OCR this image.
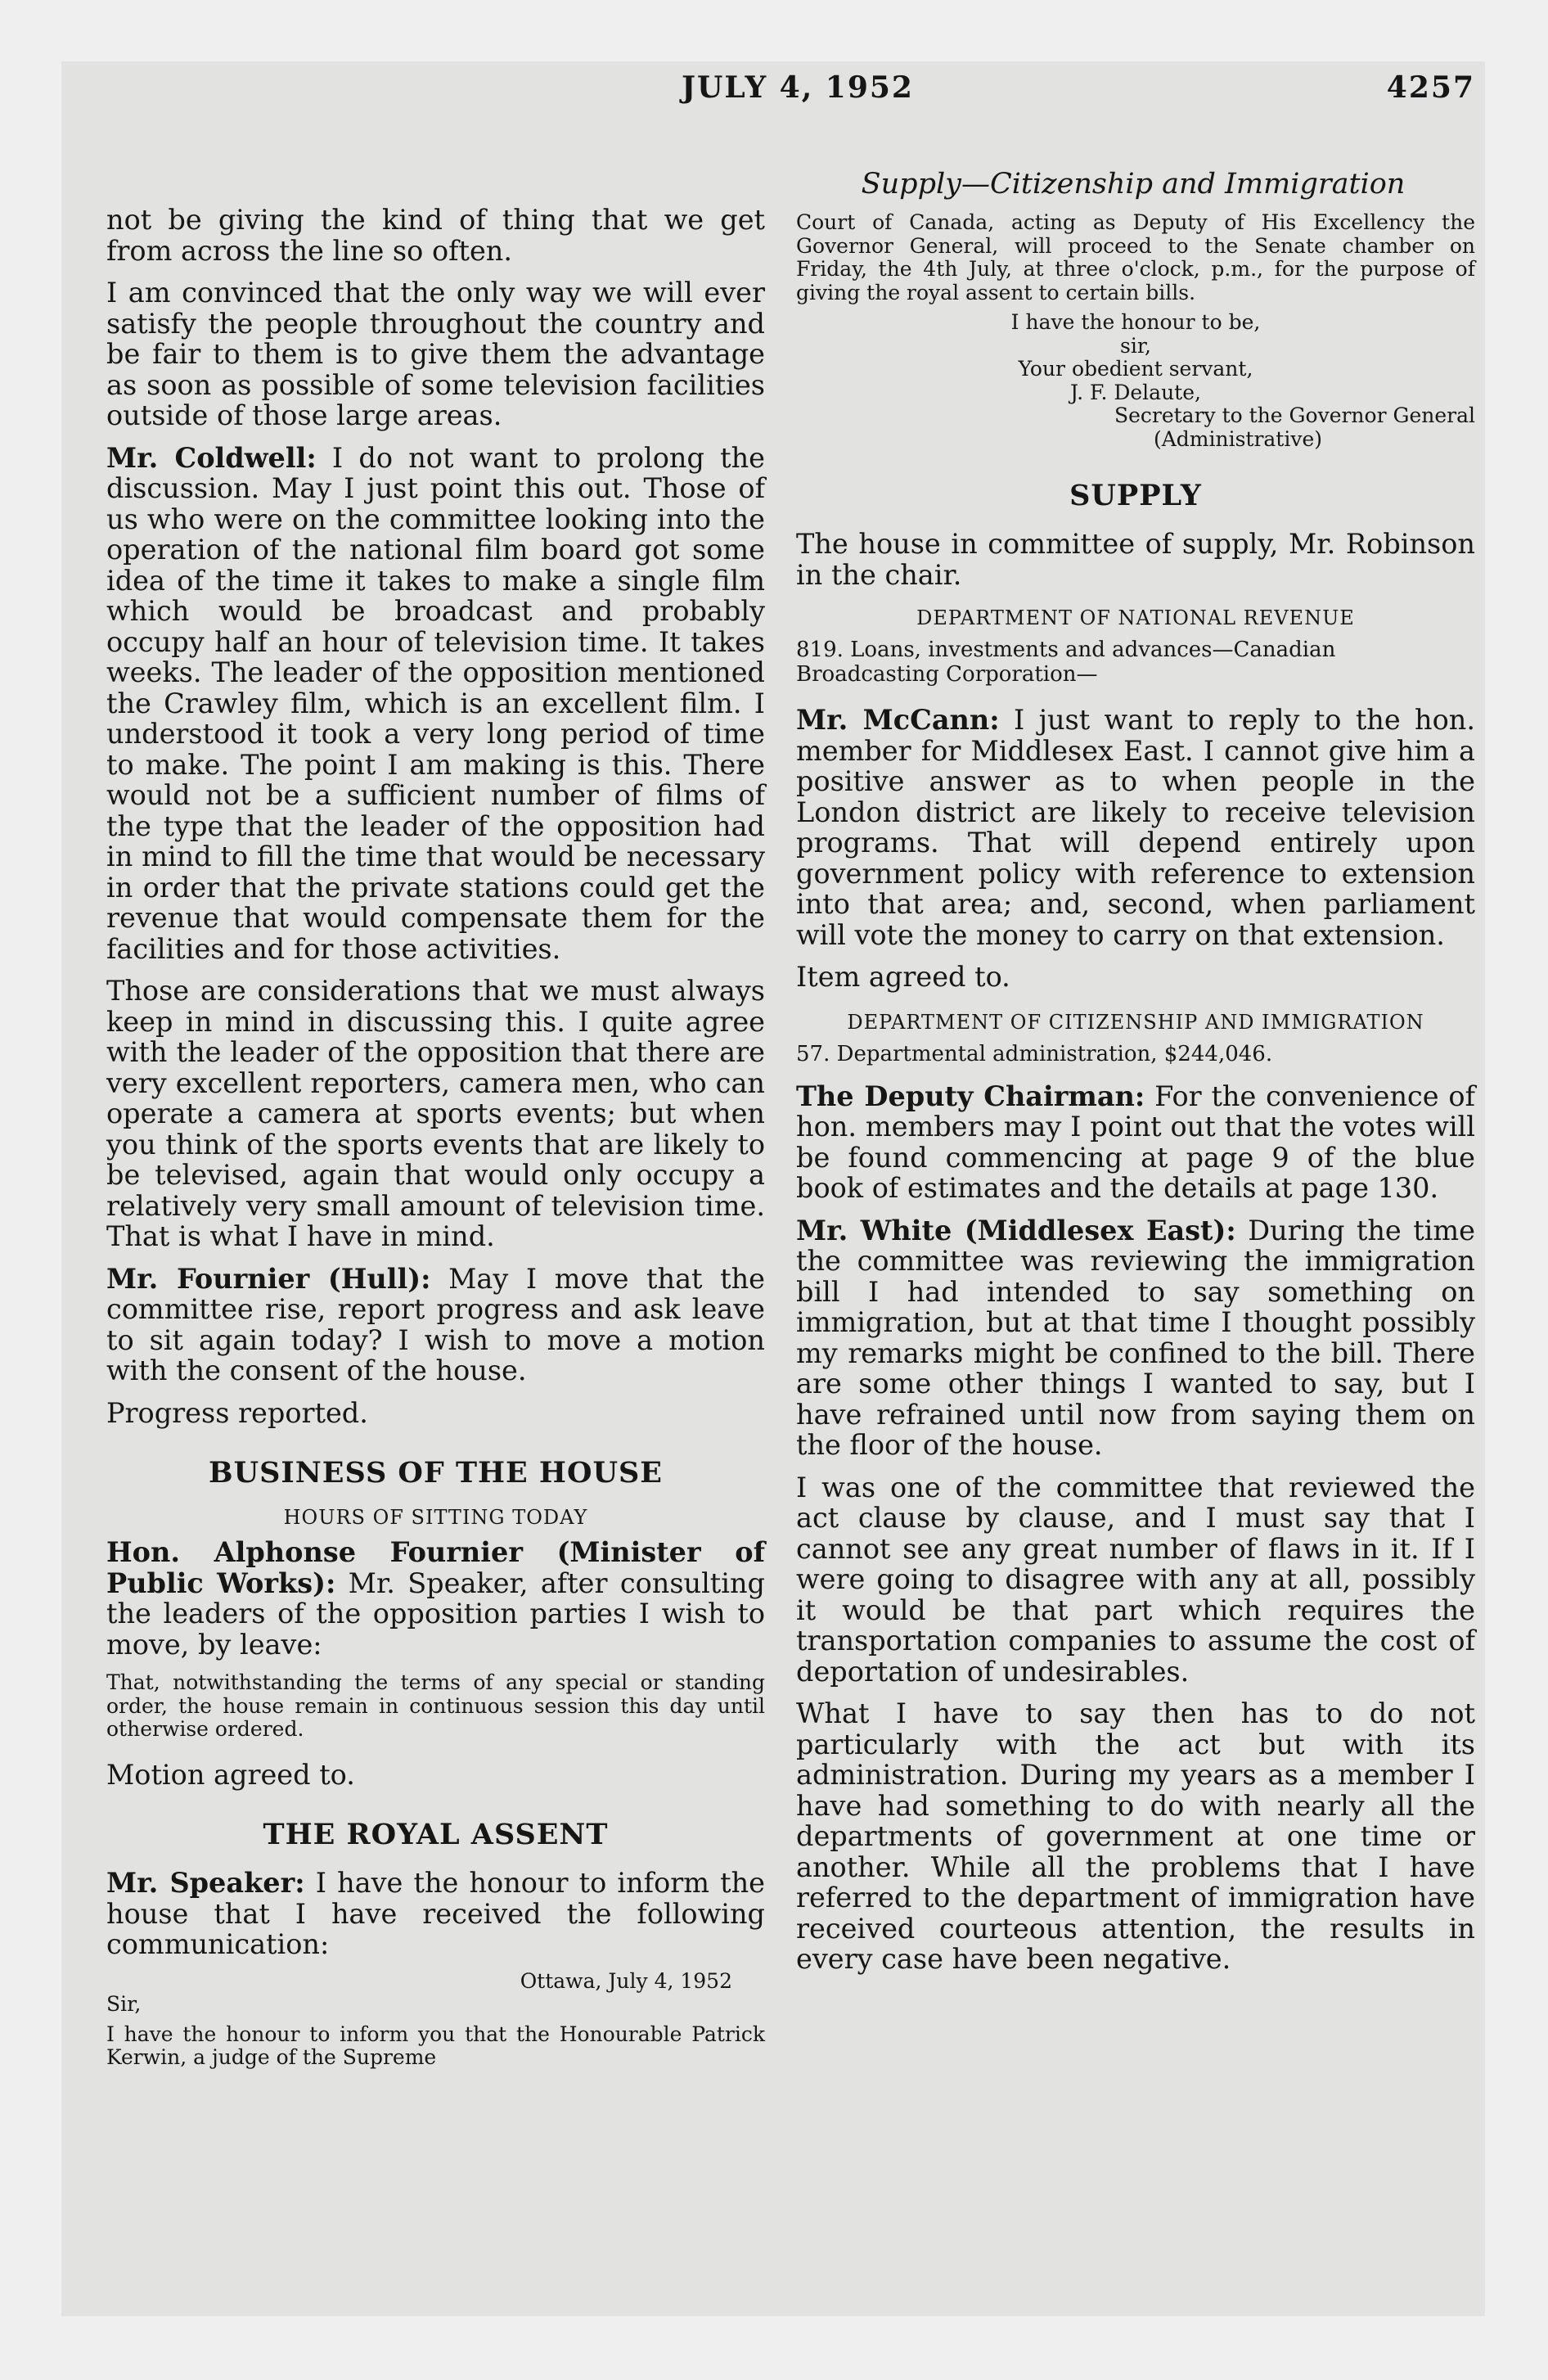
JULY 4, 1952	4257
Supply—Citizenship and Immigration

not be giving the kind of thing that we get from across the line so often.

I am convinced that the only way we will ever satisfy the people throughout the country and be fair to them is to give them the advantage as soon as possible of some television facilities outside of those large areas.

Mr. Coldwell: I do not want to prolong the discussion. May I just point this out. Those of us who were on the committee looking into the operation of the national film board got some idea of the time it takes to make a single film which would be broadcast and probably occupy half an hour of television time. It takes weeks. The leader of the opposition mentioned the Crawley film, which is an excellent film. I understood it took a very long period of time to make. The point I am making is this. There would not be a sufficient number of films of the type that the leader of the opposition had in mind to fill the time that would be necessary in order that the private stations could get the revenue that would compensate them for the facilities and for those activities.

Those are considerations that we must always keep in mind in discussing this. I quite agree with the leader of the opposition that there are very excellent reporters, camera men, who can operate a camera at sports events; but when you think of the sports events that are likely to be televised, again that would only occupy a relatively very small amount of television time. That is what I have in mind.

Mr. Fournier (Hull): May I move that the committee rise, report progress and ask leave to sit again today? I wish to move a motion with the consent of the house.

Progress reported.

BUSINESS OF THE HOUSE

HOURS OF SITTING TODAY

Hon. Alphonse Fournier (Minister of Public Works): Mr. Speaker, after consulting the leaders of the opposition parties I wish to move, by leave:

That, notwithstanding the terms of any special or standing order, the house remain in continuous session this day until otherwise ordered.

Motion agreed to.

THE ROYAL ASSENT

Mr. Speaker: I have the honour to inform the house that I have received the following communication:

Ottawa, July 4, 1952

Sir,

I have the honour to inform you that the Honourable Patrick Kerwin, a judge of the Supreme

Court of Canada, acting as Deputy of His Excellency the Governor General, will proceed to the Senate chamber on Friday, the 4th July, at three o'clock, p.m., for the purpose of giving the royal assent to certain bills.

I have the honour to be,

sir,

Your obedient servant,

J. F. Delaute,

Secretary to the Governor General

(Administrative)

SUPPLY

The house in committee of supply, Mr. Robinson in the chair.

DEPARTMENT OF NATIONAL REVENUE

819. Loans, investments and advances—Canadian Broadcasting Corporation—

Mr. McCann: I just want to reply to the hon. member for Middlesex East. I cannot give him a positive answer as to when people in the London district are likely to receive television programs. That will depend entirely upon government policy with reference to extension into that area; and, second, when parliament will vote the money to carry on that extension.

Item agreed to.

DEPARTMENT OF CITIZENSHIP AND IMMIGRATION

57. Departmental administration, $244,046.

The Deputy Chairman: For the convenience of hon. members may I point out that the votes will be found commencing at page 9 of the blue book of estimates and the details at page 130.

Mr. White (Middlesex East): During the time the committee was reviewing the immigration bill I had intended to say something on immigration, but at that time I thought possibly my remarks might be confined to the bill. There are some other things I wanted to say, but I have refrained until now from saying them on the floor of the house.

I was one of the committee that reviewed the act clause by clause, and I must say that I cannot see any great number of flaws in it. If I were going to disagree with any at all, possibly it would be that part which requires the transportation companies to assume the cost of deportation of undesirables.

What I have to say then has to do not particularly with the act but with its administration. During my years as a member I have had something to do with nearly all the departments of government at one time or another. While all the problems that I have referred to the department of immigration have received courteous attention, the results in every case have been negative.
